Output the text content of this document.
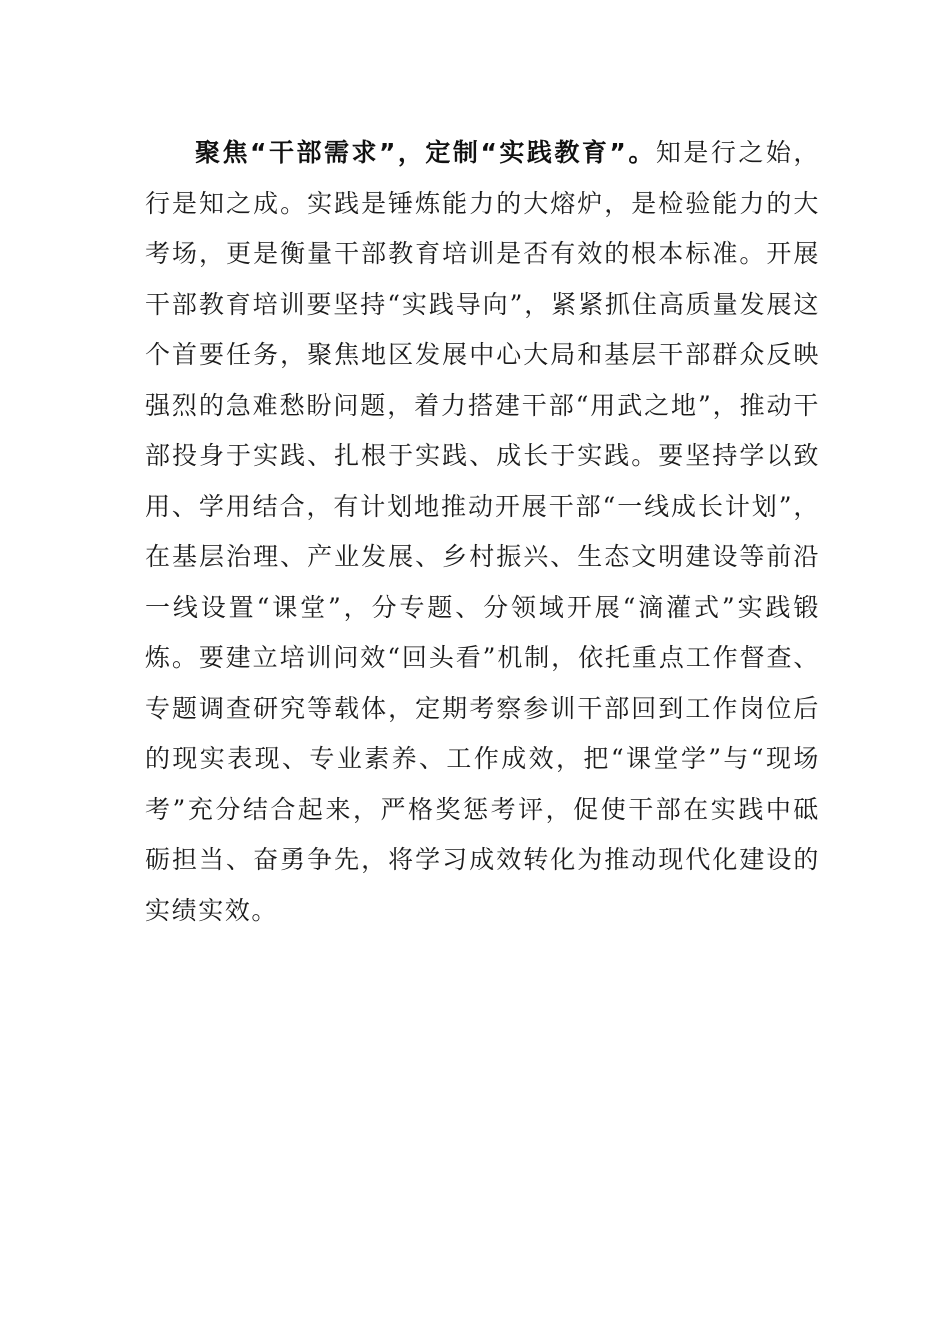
聚焦“干部需求”，定制“实践教育”。知是行之始，行是知之成。实践是锤炼能力的大熔炉，是检验能力的大考场，更是衡量干部教育培训是否有效的根本标准。开展干部教育培训要坚持“实践导向”，紧紧抓住高质量发展这个首要任务，聚焦地区发展中心大局和基层干部群众反映强烈的急难愁盼问题，着力搭建干部“用武之地”，推动干部投身于实践、扎根于实践、成长于实践。要坚持学以致用、学用结合，有计划地推动开展干部“一线成长计划”，在基层治理、产业发展、乡村振兴、生态文明建设等前沿一线设置“课堂”，分专题、分领域开展“滴灌式”实践锻炼。要建立培训问效“回头看”机制，依托重点工作督查、专题调查研究等载体，定期考察参训干部回到工作岗位后的现实表现、专业素养、工作成效，把“课堂学”与“现场考”充分结合起来，严格奖惩考评，促使干部在实践中砥砺担当、奋勇争先，将学习成效转化为推动现代化建设的实绩实效。
